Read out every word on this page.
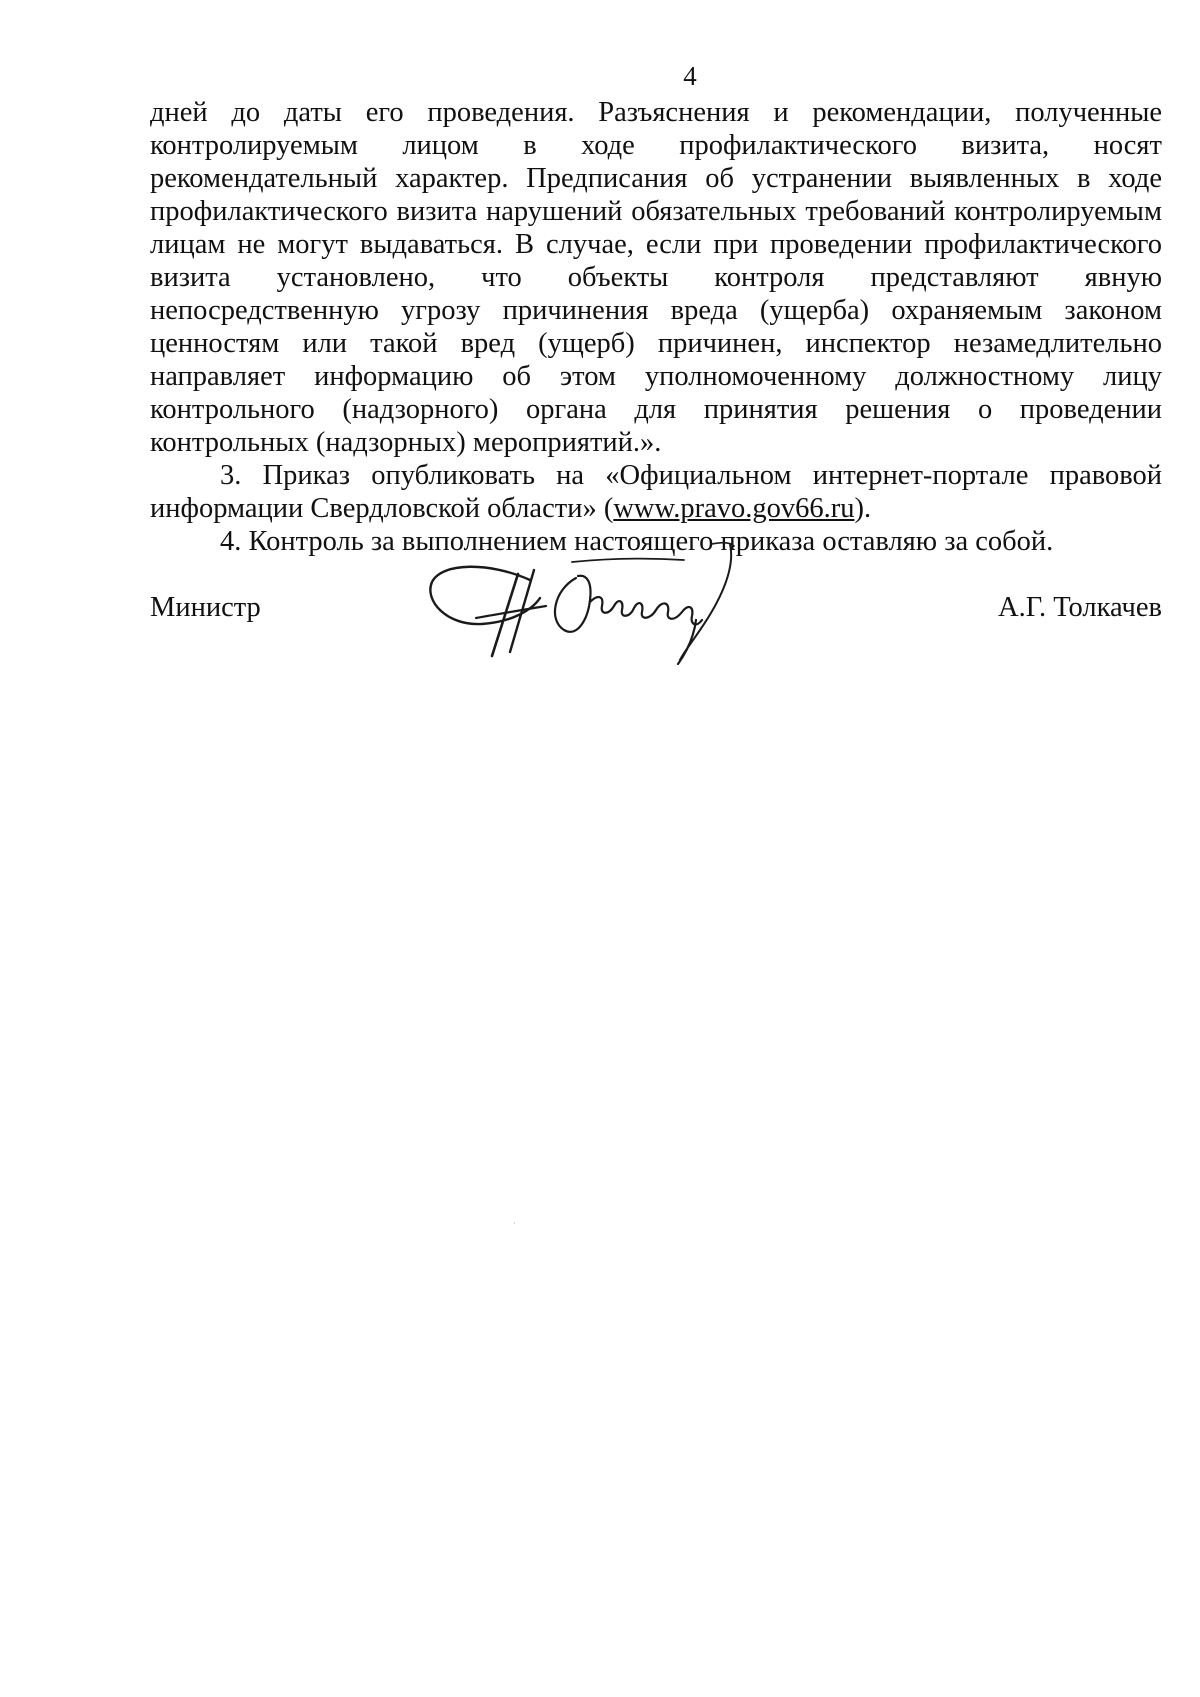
4

дней до даты его проведения. Разъяснения и рекомендации, полученные контролируемым лицом в ходе профилактического визита, носят рекомендательный характер. Предписания об устранении выявленных в ходе профилактического визита нарушений обязательных требований контролируемым лицам не могут выдаваться. В случае, если при проведении профилактического визита установлено, что объекты контроля представляют явную непосредственную угрозу причинения вреда (ущерба) охраняемым законом ценностям или такой вред (ущерб) причинен, инспектор незамедлительно направляет информацию об этом уполномоченному должностному лицу контрольного (надзорного) органа для принятия решения о проведении контрольных (надзорных) мероприятий.».

3. Приказ опубликовать на «Официальном интернет-портале правовой информации Свердловской области» (www.pravo.gov66.ru).

4. Контроль за выполнением настоящего приказа оставляю за собой.

Министр	А.Г. Толкачев
